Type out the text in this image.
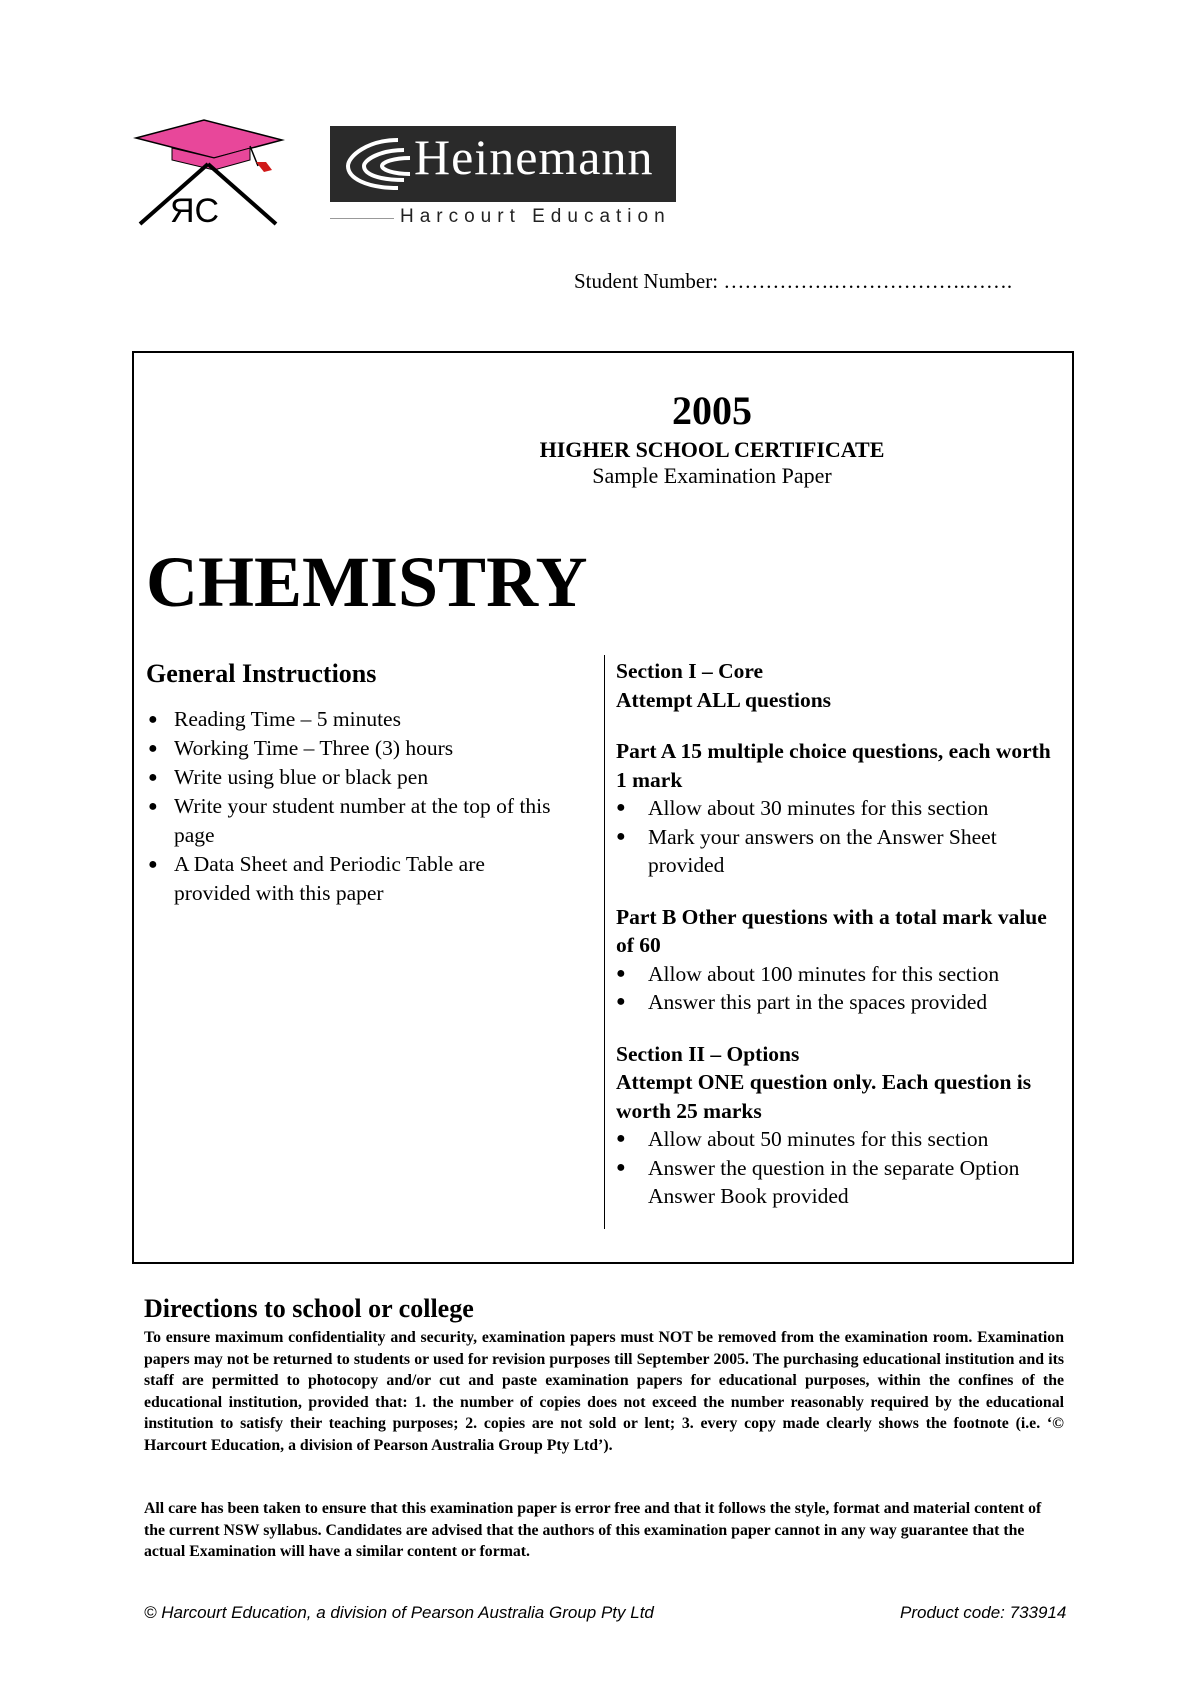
ЯC
Heinemann
Harcourt Education
Student Number: …………….……………….…….
2005
HIGHER SCHOOL CERTIFICATE
Sample Examination Paper
CHEMISTRY
General Instructions
● Reading Time – 5 minutes
● Working Time – Three (3) hours
● Write using blue or black pen
● Write your student number at the top of this page
● A Data Sheet and Periodic Table are provided with this paper
Section I – Core
Attempt ALL questions
Part A 15 multiple choice questions, each worth 1 mark
● Allow about 30 minutes for this section
● Mark your answers on the Answer Sheet provided
Part B Other questions with a total mark value of 60
● Allow about 100 minutes for this section
● Answer this part in the spaces provided
Section II – Options
Attempt ONE question only. Each question is worth 25 marks
● Allow about 50 minutes for this section
● Answer the question in the separate Option Answer Book provided
Directions to school or college
To ensure maximum confidentiality and security, examination papers must NOT be removed from the examination room. Examination papers may not be returned to students or used for revision purposes till September 2005. The purchasing educational institution and its staff are permitted to photocopy and/or cut and paste examination papers for educational purposes, within the confines of the educational institution, provided that: 1. the number of copies does not exceed the number reasonably required by the educational institution to satisfy their teaching purposes; 2. copies are not sold or lent; 3. every copy made clearly shows the footnote (i.e. ‘© Harcourt Education, a division of Pearson Australia Group Pty Ltd’).
All care has been taken to ensure that this examination paper is error free and that it follows the style, format and material content of the current NSW syllabus. Candidates are advised that the authors of this examination paper cannot in any way guarantee that the actual Examination will have a similar content or format.
© Harcourt Education, a division of Pearson Australia Group Pty Ltd	Product code: 733914
